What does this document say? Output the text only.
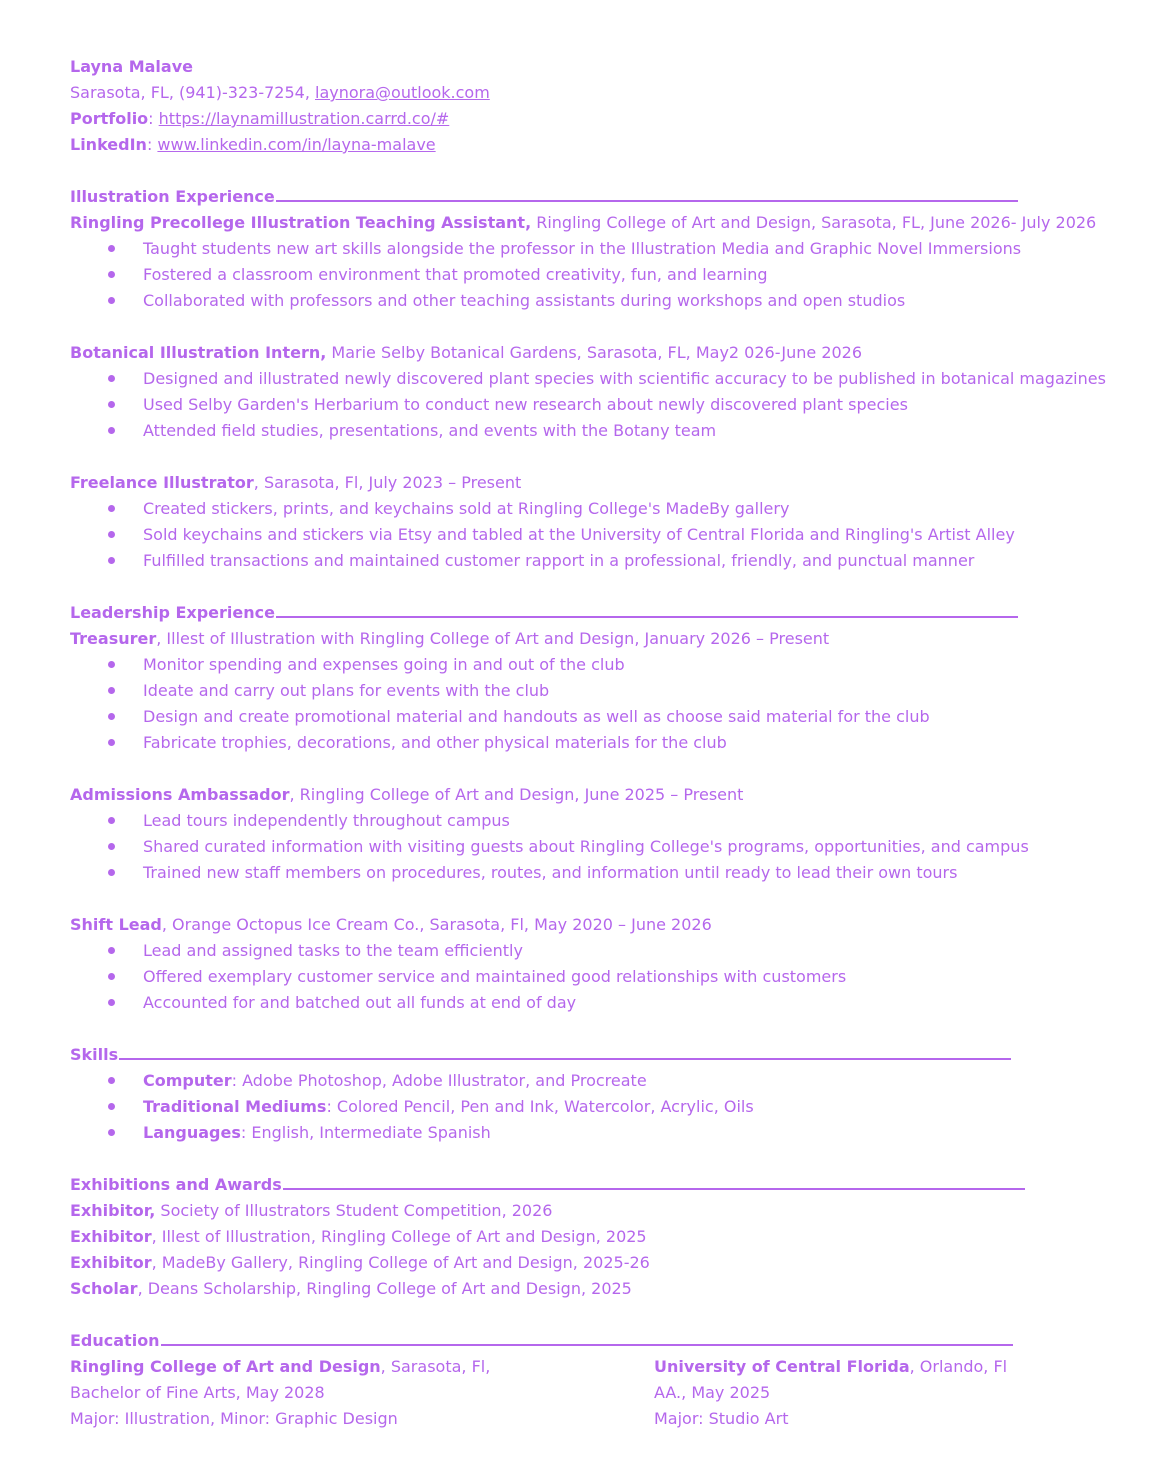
Layna Malave
Sarasota, FL, (941)-323-7254, laynora@outlook.com
Portfolio: https://laynamillustration.carrd.co/#
LinkedIn: www.linkedin.com/in/layna-malave
Illustration Experience
Ringling Precollege Illustration Teaching Assistant, Ringling College of Art and Design, Sarasota, FL, June 2026- July 2026
Taught students new art skills alongside the professor in the Illustration Media and Graphic Novel Immersions
Fostered a classroom environment that promoted creativity, fun, and learning
Collaborated with professors and other teaching assistants during workshops and open studios
Botanical Illustration Intern, Marie Selby Botanical Gardens, Sarasota, FL, May2 026-June 2026
Designed and illustrated newly discovered plant species with scientific accuracy to be published in botanical magazines
Used Selby Garden's Herbarium to conduct new research about newly discovered plant species
Attended field studies, presentations, and events with the Botany team
Freelance Illustrator, Sarasota, Fl, July 2023 – Present
Created stickers, prints, and keychains sold at Ringling College's MadeBy gallery
Sold keychains and stickers via Etsy and tabled at the University of Central Florida and Ringling's Artist Alley
Fulfilled transactions and maintained customer rapport in a professional, friendly, and punctual manner
Leadership Experience
Treasurer, Illest of Illustration with Ringling College of Art and Design, January 2026 – Present
Monitor spending and expenses going in and out of the club
Ideate and carry out plans for events with the club
Design and create promotional material and handouts as well as choose said material for the club
Fabricate trophies, decorations, and other physical materials for the club
Admissions Ambassador, Ringling College of Art and Design, June 2025 – Present
Lead tours independently throughout campus
Shared curated information with visiting guests about Ringling College's programs, opportunities, and campus
Trained new staff members on procedures, routes, and information until ready to lead their own tours
Shift Lead, Orange Octopus Ice Cream Co., Sarasota, Fl, May 2020 – June 2026
Lead and assigned tasks to the team efficiently
Offered exemplary customer service and maintained good relationships with customers
Accounted for and batched out all funds at end of day
Skills
Computer: Adobe Photoshop, Adobe Illustrator, and Procreate
Traditional Mediums: Colored Pencil, Pen and Ink, Watercolor, Acrylic, Oils
Languages: English, Intermediate Spanish
Exhibitions and Awards
Exhibitor, Society of Illustrators Student Competition, 2026
Exhibitor, Illest of Illustration, Ringling College of Art and Design, 2025
Exhibitor, MadeBy Gallery, Ringling College of Art and Design, 2025-26
Scholar, Deans Scholarship, Ringling College of Art and Design, 2025
Education
Ringling College of Art and Design, Sarasota, Fl,
Bachelor of Fine Arts, May 2028
Major: Illustration, Minor: Graphic Design
University of Central Florida, Orlando, Fl
AA., May 2025
Major: Studio Art
